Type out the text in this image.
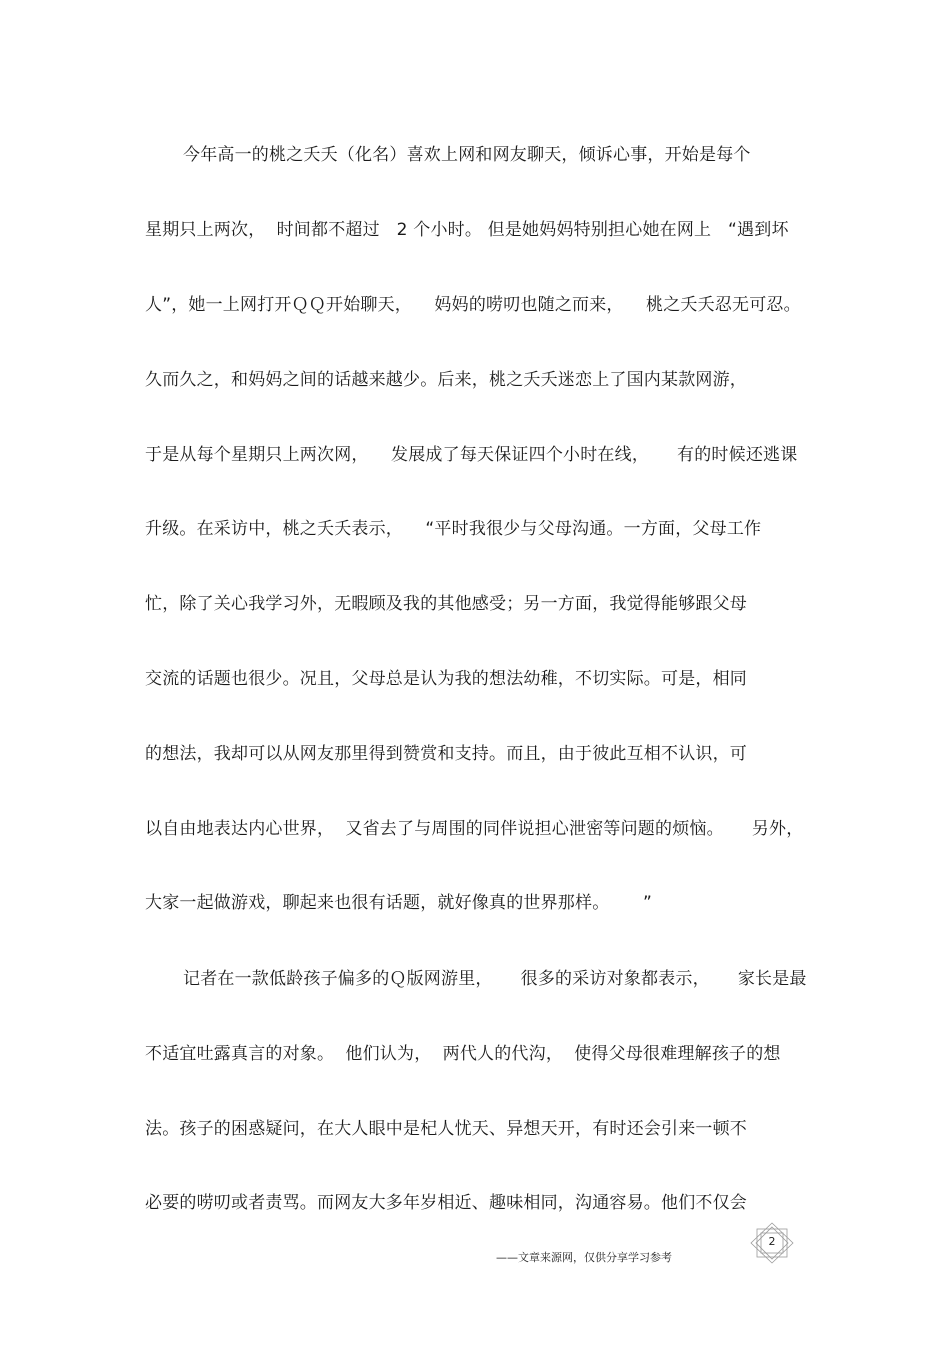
今年高一的桃之夭夭（化名）喜欢上网和网友聊天，倾诉心事，开始是每个
星期只上两次，  时间都不超过   2 个小时。 但是她妈妈特别担心她在网上   “遇到坏
人”，她一上网打开ＱＱ开始聊天，    妈妈的唠叨也随之而来，    桃之夭夭忍无可忍。
久而久之，和妈妈之间的话越来越少。后来，桃之夭夭迷恋上了国内某款网游，
于是从每个星期只上两次网，    发展成了每天保证四个小时在线，     有的时候还逃课
升级。在采访中，桃之夭夭表示，    “平时我很少与父母沟通。一方面，父母工作
忙，除了关心我学习外，无暇顾及我的其他感受；另一方面，我觉得能够跟父母
交流的话题也很少。况且，父母总是认为我的想法幼稚，不切实际。可是，相同
的想法，我却可以从网友那里得到赞赏和支持。而且，由于彼此互相不认识，可
以自由地表达内心世界，  又省去了与周围的同伴说担心泄密等问题的烦恼。     另外，
大家一起做游戏，聊起来也很有话题，就好像真的世界那样。      ”
记者在一款低龄孩子偏多的Ｑ版网游里，     很多的采访对象都表示，     家长是最
不适宜吐露真言的对象。  他们认为，  两代人的代沟，  使得父母很难理解孩子的想
法。孩子的困惑疑问，在大人眼中是杞人忧天、异想天开，有时还会引来一顿不
必要的唠叨或者责骂。而网友大多年岁相近、趣味相同，沟通容易。他们不仅会
——文章来源网，仅供分享学习参考
2
